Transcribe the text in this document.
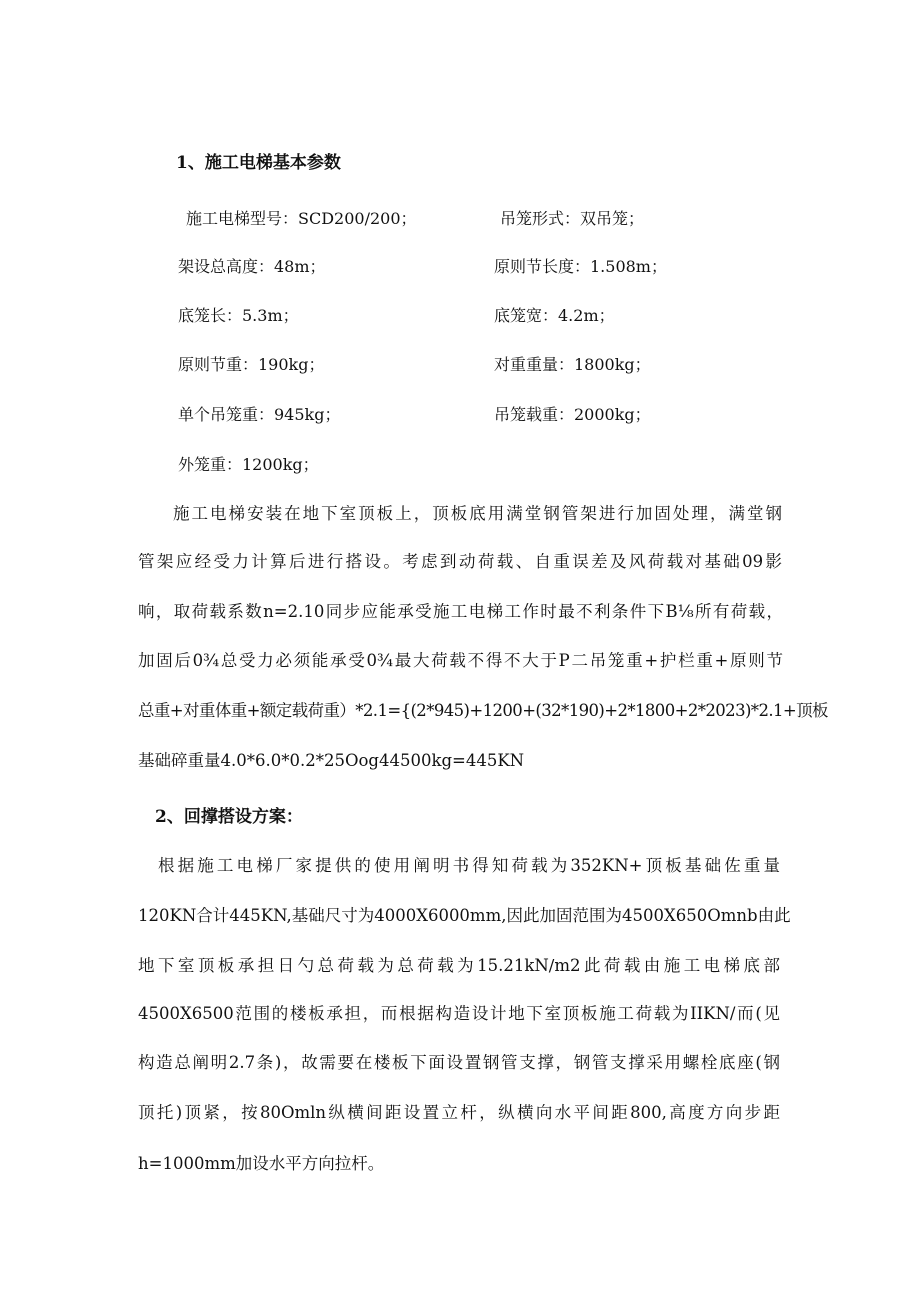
1、施工电梯基本参数
施工电梯型号：SCD200/200；
架设总高度：48m；
底笼长：5.3m；
原则节重：190kg；
单个吊笼重：945kg；
外笼重：1200kg；
吊笼形式：双吊笼；
原则节长度：1.508m；
底笼宽：4.2m；
对重重量：1800kg；
吊笼载重：2000kg；
施工电梯安装在地下室顶板上，顶板底用满堂钢管架进行加固处理，满堂钢
管架应经受力计算后进行搭设。考虑到动荷载、自重误差及风荷载对基础09影
响，取荷载系数n=2.10同步应能承受施工电梯工作时最不利条件下B⅛所有荷载，
加固后0¾总受力必须能承受0¾最大荷载不得不大于P二吊笼重+护栏重+原则节
总重+对重体重+额定载荷重）*2.1={(2*945)+1200+(32*190)+2*1800+2*2023)*2.1+顶板
基础碎重量4.0*6.0*0.2*25Oog44500kg=445KN
2、回撑搭设方案：
根据施工电梯厂家提供的使用阐明书得知荷载为352KN+顶板基础佐重量
120KN合计445KN,基础尺寸为4000X6000mm,因此加固范围为4500X650Omnb由此
地下室顶板承担日勺总荷载为总荷载为15.21kN∕m2此荷载由施工电梯底部
4500X6500范围的楼板承担，而根据构造设计地下室顶板施工荷载为IIKN/而(见
构造总阐明2.7条)，故需要在楼板下面设置钢管支撑，钢管支撑采用螺栓底座(钢
顶托)顶紧，按80Omln纵横间距设置立杆，纵横向水平间距800,高度方向步距
h=1000mm加设水平方向拉杆。
